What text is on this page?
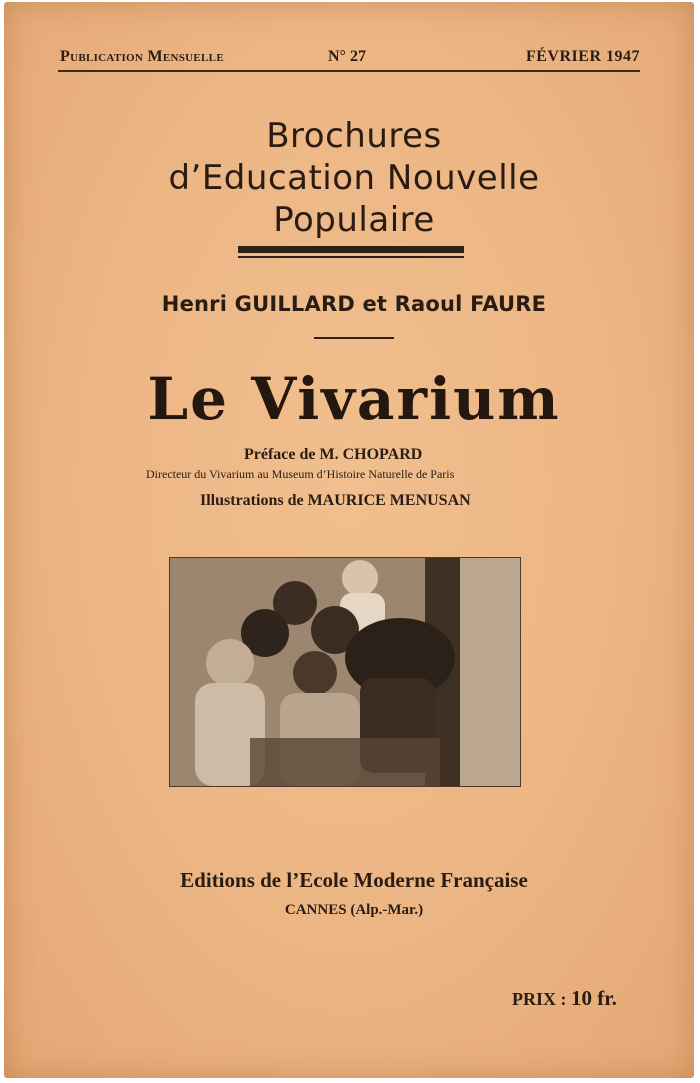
Publication Mensuelle	N° 27	FÉVRIER 1947
Brochures
d’Education Nouvelle
Populaire
Henri GUILLARD et Raoul FAURE
Le Vivarium
Préface de M. CHOPARD
Directeur du Vivarium au Museum d’Histoire Naturelle de Paris
Illustrations de MAURICE MENUSAN
Editions de l’Ecole Moderne Française
CANNES (Alp.-Mar.)
PRIX : 10 fr.
